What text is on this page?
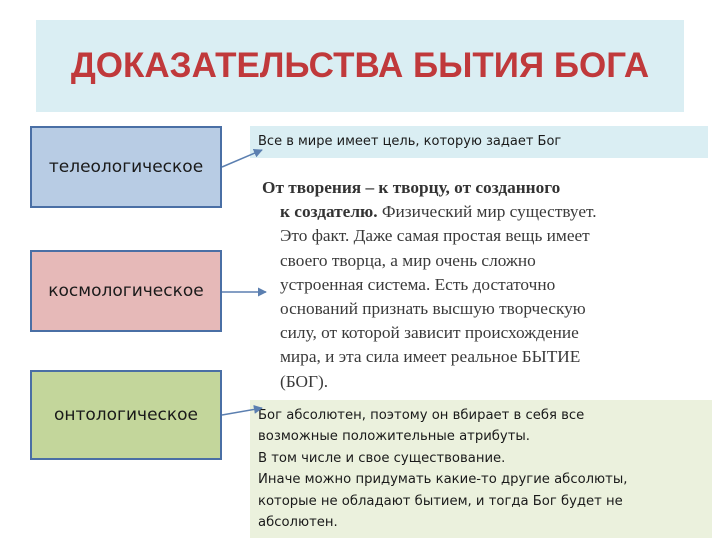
ДОКАЗАТЕЛЬСТВА БЫТИЯ БОГА
телеологическое
космологическое
онтологическое
Все в мире имеет цель, которую задает Бог

От творения – к творцу, от созданного
к создателю. Физический мир существует.
Это факт. Даже самая простая вещь имеет
своего творца, а мир очень сложно
устроенная система. Есть достаточно
оснований признать высшую творческую
силу, от которой зависит происхождение
мира, и эта сила имеет реальное БЫТИЕ
(БОГ).

Бог абсолютен, поэтому он вбирает в себя все
возможные положительные атрибуты.
В том числе и свое существование.
Иначе можно придумать какие-то другие абсолюты,
которые не обладают бытием, и тогда Бог будет не
абсолютен.
